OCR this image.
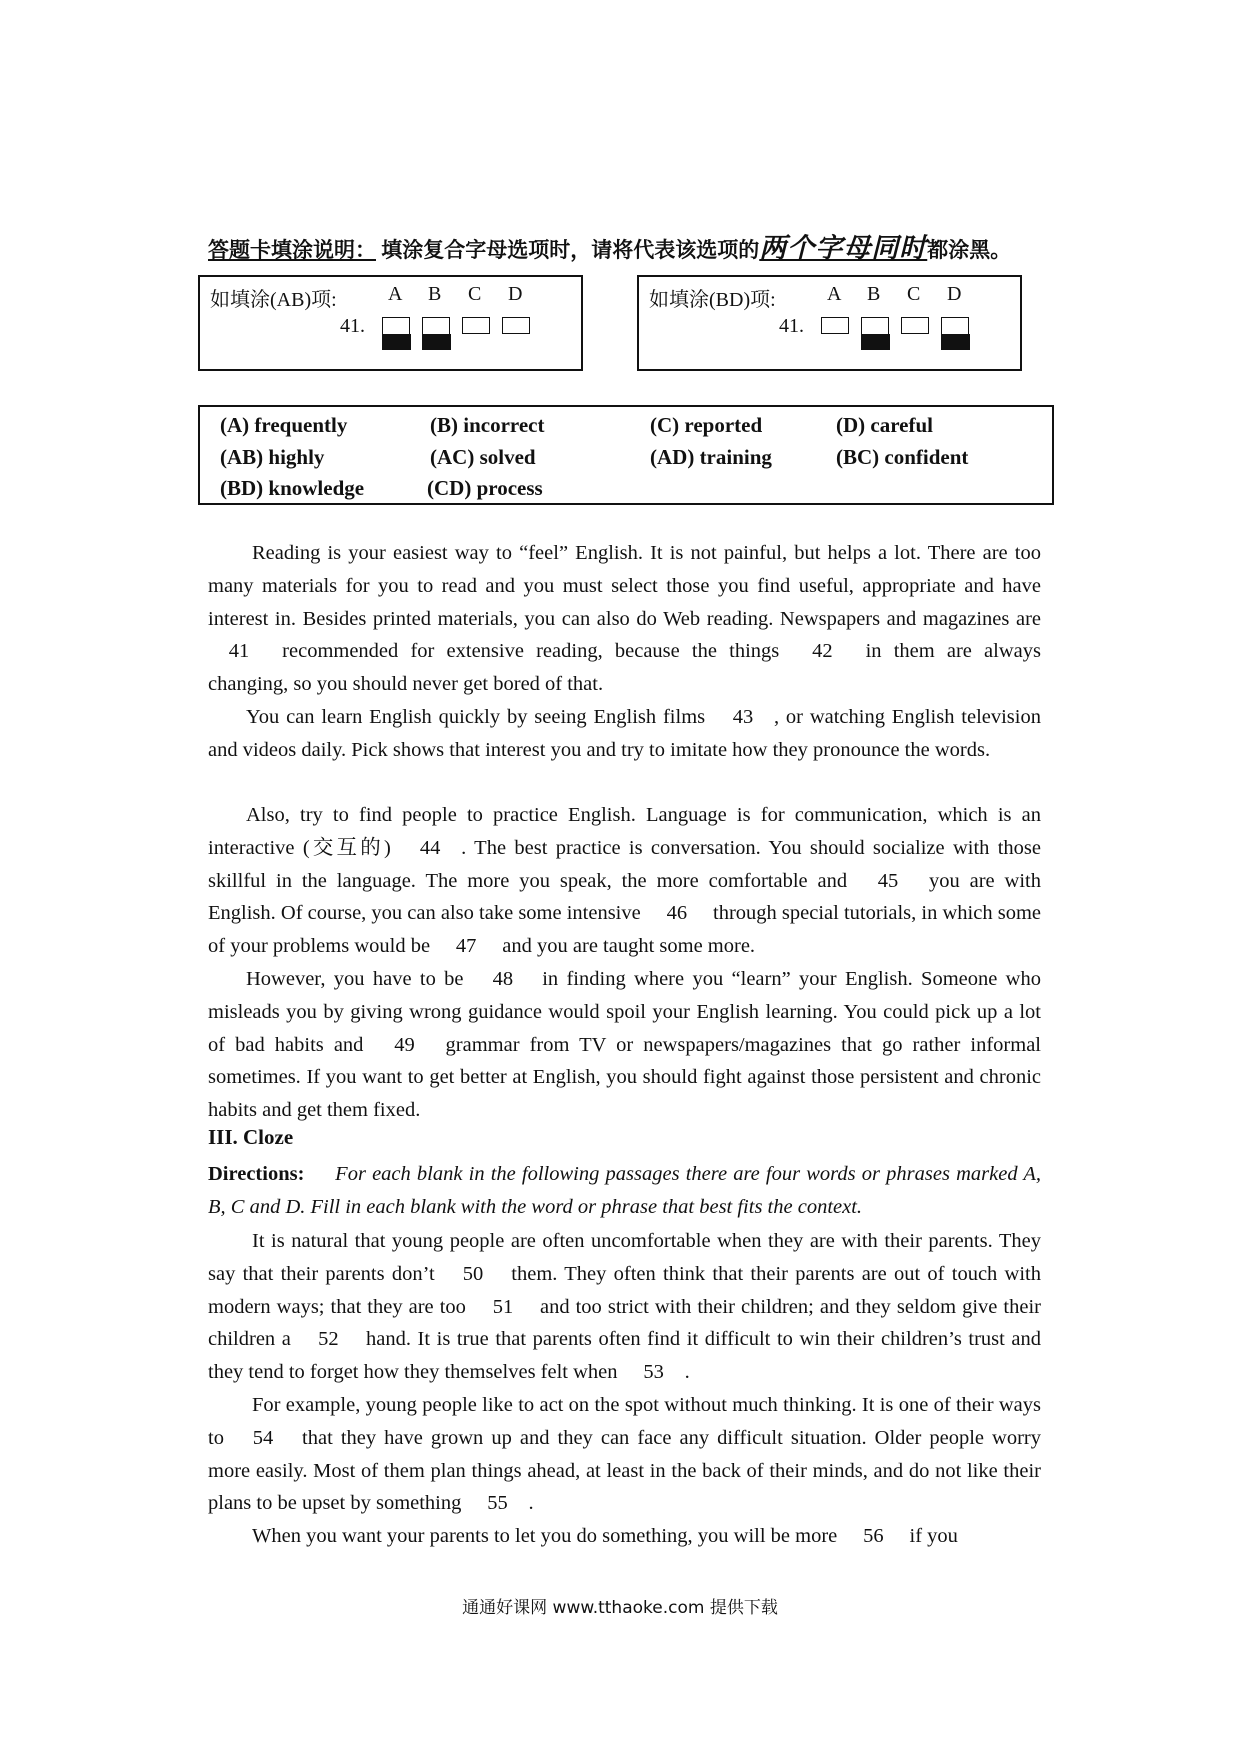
答题卡填涂说明： 填涂复合字母选项时，请将代表该选项的两个字母同时都涂黑。
如填涂(AB)项:	A B C D
41.
如填涂(BD)项:	A B C D
41.
(A) frequently	(B) incorrect	(C) reported	(D) careful
(AB) highly	(AC) solved	(AD) training	(BC) confident
(BD) knowledge	(CD) process
Reading is your easiest way to “feel” English. It is not painful, but helps a lot. There are too many materials for you to read and you must select those you find useful, appropriate and have interest in. Besides printed materials, you can also do Web reading. Newspapers and magazines are 41 recommended for extensive reading, because the things 42 in them are always changing, so you should never get bored of that.
You can learn English quickly by seeing English films 43 , or watching English television and videos daily. Pick shows that interest you and try to imitate how they pronounce the words.
Also, try to find people to practice English. Language is for communication, which is an interactive (交互的) 44 . The best practice is conversation. You should socialize with those skillful in the language. The more you speak, the more comfortable and 45 you are with English. Of course, you can also take some intensive 46 through special tutorials, in which some of your problems would be 47 and you are taught some more.
However, you have to be 48 in finding where you “learn” your English. Someone who misleads you by giving wrong guidance would spoil your English learning. You could pick up a lot of bad habits and 49 grammar from TV or newspapers/magazines that go rather informal sometimes. If you want to get better at English, you should fight against those persistent and chronic habits and get them fixed.
III. Cloze
Directions: For each blank in the following passages there are four words or phrases marked A, B, C and D. Fill in each blank with the word or phrase that best fits the context.
It is natural that young people are often uncomfortable when they are with their parents. They say that their parents don’t 50 them. They often think that their parents are out of touch with modern ways; that they are too 51 and too strict with their children; and they seldom give their children a 52 hand. It is true that parents often find it difficult to win their children’s trust and they tend to forget how they themselves felt when 53 .
For example, young people like to act on the spot without much thinking. It is one of their ways to 54 that they have grown up and they can face any difficult situation. Older people worry more easily. Most of them plan things ahead, at least in the back of their minds, and do not like their plans to be upset by something 55 .
When you want your parents to let you do something, you will be more 56 if you
通通好课网 www.tthaoke.com 提供下载
